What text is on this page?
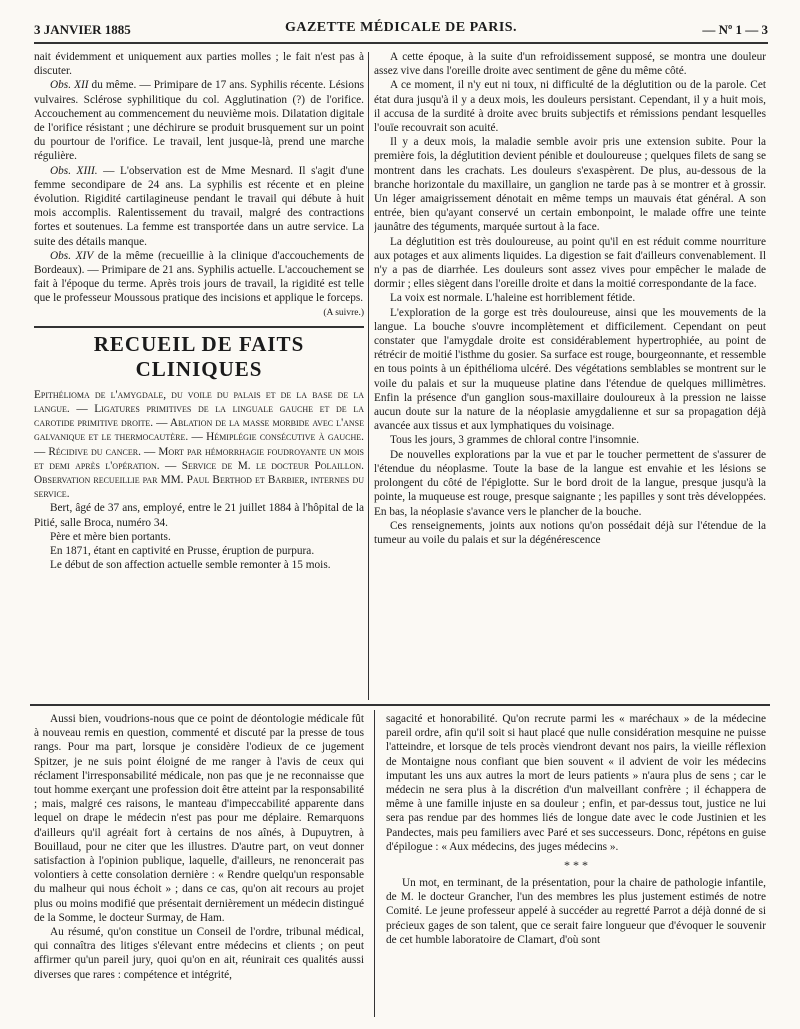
3 JANVIER 1885	GAZETTE MÉDICALE DE PARIS.	— Nº 1 — 3

nait évidemment et uniquement aux parties molles ; le fait n'est pas à discuter.

Obs. XII du même. — Primipare de 17 ans. Syphilis récente. Lésions vulvaires. Sclérose syphilitique du col. Agglutination (?) de l'orifice. Accouchement au commencement du neuvième mois. Dilatation digitale de l'orifice résistant ; une déchirure se produit brusquement sur un point du pourtour de l'orifice. Le travail, lent jusque-là, prend une marche régulière.

Obs. XIII. — L'observation est de Mme Mesnard. Il s'agit d'une femme secondipare de 24 ans. La syphilis est récente et en pleine évolution. Rigidité cartilagineuse pendant le travail qui débute à huit mois accomplis. Ralentissement du travail, malgré des contractions fortes et soutenues. La femme est transportée dans un autre service. La suite des détails manque.

Obs. XIV de la même (recueillie à la clinique d'accouchements de Bordeaux). — Primipare de 21 ans. Syphilis actuelle. L'accouchement se fait à l'époque du terme. Après trois jours de travail, la rigidité est telle que le professeur Moussous pratique des incisions et applique le forceps.

(A suivre.)

RECUEIL DE FAITS CLINIQUES

Epithélioma de l'amygdale, du voile du palais et de la base de la langue. — Ligatures primitives de la linguale gauche et de la carotide primitive droite. — Ablation de la masse morbide avec l'anse galvanique et le thermocautère. — Hémiplégie consécutive à gauche. — Récidive du cancer. — Mort par hémorrhagie foudroyante un mois et demi après l'opération. — Service de M. le docteur Polaillon. Observation recueillie par MM. Paul Berthod et Barbier, internes du service.

Bert, âgé de 37 ans, employé, entre le 21 juillet 1884 à l'hôpital de la Pitié, salle Broca, numéro 34.

Père et mère bien portants.

En 1871, étant en captivité en Prusse, éruption de purpura.

Le début de son affection actuelle semble remonter à 15 mois.

A cette époque, à la suite d'un refroidissement supposé, se montra une douleur assez vive dans l'oreille droite avec sentiment de gêne du même côté.

A ce moment, il n'y eut ni toux, ni difficulté de la déglutition ou de la parole. Cet état dura jusqu'à il y a deux mois, les douleurs persistant. Cependant, il y a huit mois, il accusa de la surdité à droite avec bruits subjectifs et rémissions pendant lesquelles l'ouïe recouvrait son acuité.

Il y a deux mois, la maladie semble avoir pris une extension subite. Pour la première fois, la déglutition devient pénible et douloureuse ; quelques filets de sang se montrent dans les crachats. Les douleurs s'exaspèrent. De plus, au-dessous de la branche horizontale du maxillaire, un ganglion ne tarde pas à se montrer et à grossir. Un léger amaigrissement dénotait en même temps un mauvais état général. A son entrée, bien qu'ayant conservé un certain embonpoint, le malade offre une teinte jaunâtre des téguments, marquée surtout à la face.

La déglutition est très douloureuse, au point qu'il en est réduit comme nourriture aux potages et aux aliments liquides. La digestion se fait d'ailleurs convenablement. Il n'y a pas de diarrhée. Les douleurs sont assez vives pour empêcher le malade de dormir ; elles siègent dans l'oreille droite et dans la moitié correspondante de la face.

La voix est normale. L'haleine est horriblement fétide.

L'exploration de la gorge est très douloureuse, ainsi que les mouvements de la langue. La bouche s'ouvre incomplètement et difficilement. Cependant on peut constater que l'amygdale droite est considérablement hypertrophiée, au point de rétrécir de moitié l'isthme du gosier. Sa surface est rouge, bourgeonnante, et ressemble en tous points à un épithélioma ulcéré. Des végétations semblables se montrent sur le voile du palais et sur la muqueuse platine dans l'étendue de quelques millimètres. Enfin la présence d'un ganglion sous-maxillaire douloureux à la pression ne laisse aucun doute sur la nature de la néoplasie amygdalienne et sur sa propagation déjà avancée aux tissus et aux lymphatiques du voisinage.

Tous les jours, 3 grammes de chloral contre l'insomnie.

De nouvelles explorations par la vue et par le toucher permettent de s'assurer de l'étendue du néoplasme. Toute la base de la langue est envahie et les lésions se prolongent du côté de l'épiglotte. Sur le bord droit de la langue, presque jusqu'à la pointe, la muqueuse est rouge, presque saignante ; les papilles y sont très développées. En bas, la néoplasie s'avance vers le plancher de la bouche.

Ces renseignements, joints aux notions qu'on possédait déjà sur l'étendue de la tumeur au voile du palais et sur la dégénérescence

Aussi bien, voudrions-nous que ce point de déontologie médicale fût à nouveau remis en question, commenté et discuté par la presse de tous rangs. Pour ma part, lorsque je considère l'odieux de ce jugement Spitzer, je ne suis point éloigné de me ranger à l'avis de ceux qui réclament l'irresponsabilité médicale, non pas que je ne reconnaisse que tout homme exerçant une profession doit être atteint par la responsabilité ; mais, malgré ces raisons, le manteau d'impeccabilité apparente dans lequel on drape le médecin n'est pas pour me déplaire. Remarquons d'ailleurs qu'il agréait fort à certains de nos aînés, à Dupuytren, à Bouillaud, pour ne citer que les illustres. D'autre part, on veut donner satisfaction à l'opinion publique, laquelle, d'ailleurs, ne renoncerait pas volontiers à cette consolation dernière : « Rendre quelqu'un responsable du malheur qui nous échoit » ; dans ce cas, qu'on ait recours au projet plus ou moins modifié que présentait dernièrement un médecin distingué de la Somme, le docteur Surmay, de Ham.

Au résumé, qu'on constitue un Conseil de l'ordre, tribunal médical, qui connaîtra des litiges s'élevant entre médecins et clients ; on peut affirmer qu'un pareil jury, quoi qu'on en ait, réunirait ces qualités aussi diverses que rares : compétence et intégrité,

sagacité et honorabilité. Qu'on recrute parmi les « maréchaux » de la médecine pareil ordre, afin qu'il soit si haut placé que nulle considération mesquine ne puisse l'atteindre, et lorsque de tels procès viendront devant nos pairs, la vieille réflexion de Montaigne nous confiant que bien souvent « il advient de voir les médecins imputant les uns aux autres la mort de leurs patients » n'aura plus de sens ; car le médecin ne sera plus à la discrétion d'un malveillant confrère ; il échappera de même à une famille injuste en sa douleur ; enfin, et par-dessus tout, justice ne lui sera pas rendue par des hommes liés de longue date avec le code Justinien et les Pandectes, mais peu familiers avec Paré et ses successeurs. Donc, répétons en guise d'épilogue : « Aux médecins, des juges médecins ».

* * *

Un mot, en terminant, de la présentation, pour la chaire de pathologie infantile, de M. le docteur Grancher, l'un des membres les plus justement estimés de notre Comité. Le jeune professeur appelé à succéder au regretté Parrot a déjà donné de si précieux gages de son talent, que ce serait faire longueur que d'évoquer le souvenir de cet humble laboratoire de Clamart, d'où sont
